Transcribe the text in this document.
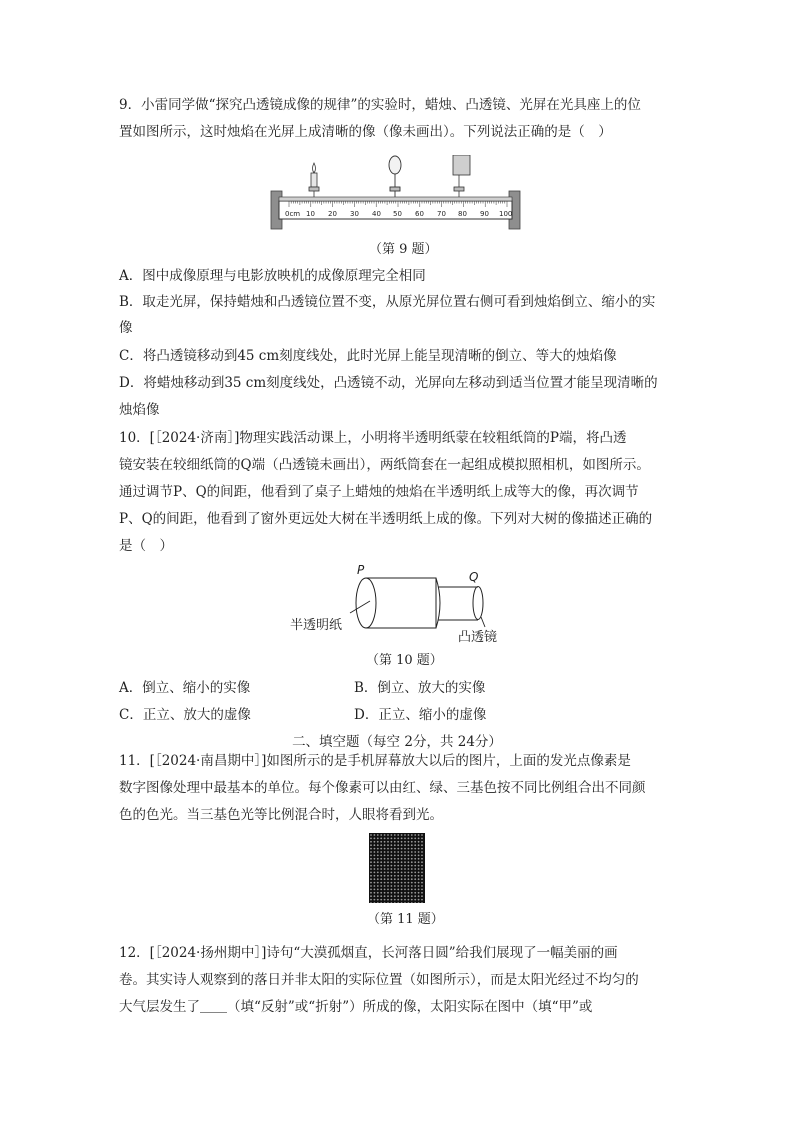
9．小雷同学做“探究凸透镜成像的规律”的实验时，蜡烛、凸透镜、光屏在光具座上的位
置如图所示，这时烛焰在光屏上成清晰的像（像未画出）。下列说法正确的是（　）
0cm 10 20 30 40 50 60 70 80 90 100
（第 9 题）
A．图中成像原理与电影放映机的成像原理完全相同
B．取走光屏，保持蜡烛和凸透镜位置不变，从原光屏位置右侧可看到烛焰倒立、缩小的实
像
C．将凸透镜移动到45 cm刻度线处，此时光屏上能呈现清晰的倒立、等大的烛焰像
D．将蜡烛移动到35 cm刻度线处，凸透镜不动，光屏向左移动到适当位置才能呈现清晰的
烛焰像
10．[［2024·济南］]物理实践活动课上，小明将半透明纸蒙在较粗纸筒的P端，将凸透
镜安装在较细纸筒的Q端（凸透镜未画出），两纸筒套在一起组成模拟照相机，如图所示。
通过调节P、Q的间距，他看到了桌子上蜡烛的烛焰在半透明纸上成等大的像，再次调节
P、Q的间距，他看到了窗外更远处大树在半透明纸上成的像。下列对大树的像描述正确的
是（　）
P	Q
半透明纸
凸透镜
（第 10 题）
A．倒立、缩小的实像	B．倒立、放大的实像
C．正立、放大的虚像	D．正立、缩小的虚像
二、填空题（每空 2分，共 24分）
11．[［2024·南昌期中］]如图所示的是手机屏幕放大以后的图片，上面的发光点像素是
数字图像处理中最基本的单位。每个像素可以由红、绿、三基色按不同比例组合出不同颜
色的色光。当三基色光等比例混合时，人眼将看到光。
（第 11 题）
12．[［2024·扬州期中］]诗句“大漠孤烟直，长河落日圆”给我们展现了一幅美丽的画
卷。其实诗人观察到的落日并非太阳的实际位置（如图所示），而是太阳光经过不均匀的
大气层发生了＿＿（填“反射”或“折射”）所成的像，太阳实际在图中（填“甲”或
